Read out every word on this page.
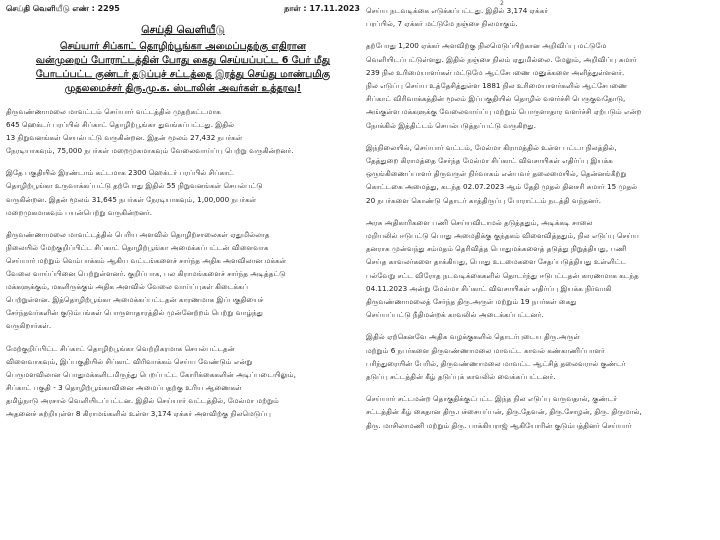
செய்தி வெளியீடு எண் : 2295	நாள் : 17.11.2023
செய்தி வெளியீடு
செய்யார் சிப்காட் தொழிற்பூங்கா அமைப்பதற்கு எதிரான
வன்முறைப் போராட்டத்தின் போது கைது செய்யப்பட்ட 6 பேர் மீது
போடப்பட்ட குண்டர் தடுப்புச் சட்டத்தை இரத்து செய்து மாண்புமிகு
முதலமைச்சர் திரு.மு.க. ஸ்டாலின் அவர்கள் உத்தரவு!
திருவண்ணாமலை மாவட்டம் செய்யார் வட்டத்தில் முதற்கட்டமாக
645 ஹெக்டர் பரப்பில் சிப்காட் தொழிற்பூங்கா துவங்கப்பட்டது. இதில்
13 நிறுவனங்கள் செயல்பட்டு வருகின்றன. இதன் மூலம் 27,432 நபர்கள்
நேரடியாகவும், 75,000 நபர்கள் மறைமுகமாகவும் வேலைவாய்ப்பு பெற்று வருகின்றனர்.
இதே பகுதியில் இரண்டாம் கட்டமாக 2300 ஹெக்டர் பரப்பில் சிப்காட்
தொழிற்பூங்கா உருவாக்கப்பட்டு தற்போது இதில் 55 நிறுவனங்கள் செயல்பட்டு
வருகின்றன. இதன் மூலம் 31,645 நபர்கள் நேரடியாகவும், 1,00,000 நபர்கள்
மறைமுகமாகவும் பயன்பெற்று வருகின்றனர்.
திருவண்ணாமலை மாவட்டத்தில் பெரிய அளவில் தொழிற்சாலைகள் ஏதுமில்லாத
நிலையில் மேற்குறிப்பிட்ட சிப்காட் தொழிற்பூங்கா அமைக்கப்பட்டன் விளைவாக
செய்யார் மற்றும் வெம்பாக்கம் ஆகிய வட்டங்களைச் சார்ந்த அதிக அளவிலான மக்கள்
வேலை வாய்ப்பினை பெற்றுள்ளனர். குறிப்பாக, பல கிராமங்களைச் சார்ந்த அடித்தட்டு
மக்களுக்கும், மகளிருக்கும் அதிக அளவில் வேலை வாய்ப்புகள் கிடைக்கப்
பெற்றுள்ளன. இத்தொழிற்பூங்கா அமைக்கப்பட்டதன் காரணமாக இப்பகுதியைச்
சேர்ந்தவர்களின் குடும்பங்கள் பொருளாதாரத்தில் முன்னேற்றம் பெற்று வாழ்ந்து
வருகிறார்கள்.
மேற்குறிப்பிட்ட சிப்காட் தொழிற்பூங்கா வெற்றிகரமாக செயல்பட்டதன்
விளைவாகவும், இப்பகுதியில் சிப்காட் விரிவாக்கம் செய்ய வேண்டும் என்று
பெருமளவிலான பொதுமக்களிடமிருந்து பெறப்பட்ட கோரிக்கைகளின் அடிப்படையிலும்,
சிப்காட் பகுதி - 3 தொழிற்பூங்காவினை அமைப்பதற்கு உரிய ஆணைகள்
தமிழ்நாடு அரசால் வெளியிடப்பட்டன. இதில் செய்யார் வட்டத்தில், மேல்மா மற்றும்
அதனைச் சுற்றியுள்ள 8 கிராமங்களில் உள்ள 3,174 ஏக்கர் அளவிற்கு நிலமெடுப்பு
2
செய்ய நடவடிக்கை எடுக்கப்பட்டது. இதில் 3,174 ஏக்கர்
பரப்பில், 7 ஏக்கர் மட்டுமே நஞ்சை நிலமாகும்.
தற்போது 1,200 ஏக்கர் அளவிற்கு நிலமெடுப்பிற்கான அறிவிப்பு மட்டுமே
வெளியிடப்பட்டுள்ளது. இதில் நஞ்சை நிலம் ஏதுமில்லை. மேலும், அறிவிப்பு சுமார்
239 நில உரிமையாளர்கள் மட்டுமே ஆட்சேபணை மனுக்களை அளித்துள்ளனர்.
நில எடுப்பு செய்ய உத்தேசித்துள்ள 1881 நில உரிமையாளர்களில் ஆட்சேபணை
சிப்காட் விரிவாக்கத்தின் மூலம் இப்பகுதியில் தொழில் வளர்ச்சி பெருகுவதோடு,
அங்குள்ள மக்களுக்கு வேலைவாய்ப்பு மற்றும் பொருளாதார வளர்ச்சி ஏற்படும் என்ற
நோக்கில் இத்திட்டம் செயல்படுத்தப்பட்டு வருகிறது.
இந்நிலையில், செய்யார் வட்டம், மேல்மா கிராமத்தில் உள்ள பட்டா நிலத்தில்,
தேத்துறை கிராமத்தை சேர்ந்த மேல்மா சிப்காட் விவசாயிகள் எதிர்ப்பு இயக்க
ஒருங்கிணைப்பாளர் திருவருள் நிர்வாகம் என்பவர் தலைமையில், தென்னங்கீற்று
கொட்டகை அமைத்து, கடந்த 02.07.2023 ஆம் தேதி முதல் தினசரி சுமார் 15 முதல்
20 நபர்களை கொண்டு தொடர் காத்திருப்பு போராட்டம் நடத்தி வந்தனர்.
அரசு அதிகாரிகளை பணி செய்யவிடாமல் தடுத்ததும், அடிக்கடி சாலை
மறியலில் ஈடுபட்டு பொது அமைதிக்கு குந்தகம் விளைவித்ததும், நில எடுப்பு செய்ய
தனராக முன்வந்து சம்மதம் தெரிவித்த பொதுமக்களைத் தடுத்து நிறுத்தியது, பணி
செய்த காவலர்களை தாக்கியது, பொது உடமைகளை சேதப்படுத்தியது உள்ளிட்ட
பல்வேறு சட்ட விரோத நடவடிக்கைகளில் தொடர்ந்து ஈடுபட்டதன் காரணமாக கடந்த
04.11.2023 அன்று மேல்மா சிப்காட் விவசாயிகள் எதிர்ப்பு இயக்க நிர்வாகி
திருவண்ணாமலைத் சேர்ந்த திரு.அருள் மற்றும் 19 நபர்கள் கைது
செய்யப்பட்டு நீதிமன்றக் காவலில் அடைக்கப்பட்டனர்.
இதில் ஏற்கெனவே அதிக வழக்குகளில் தொடர்புடைய திரு.அருள்
மற்றும் 6 நபர்களை திருவண்ணாமலை மாவட்ட காவல் கண்காணிப்பாளர்
பரிந்துரையின் பேரில், திருவண்ணாமலை மாவட்ட ஆட்சித் தலைவரால் குண்டர்
தடுப்பு சட்டத்தின் கீழ் தடுப்புக் காவலில் வைக்கப்பட்டனர்.
செய்யார் சட்டமன்ற தொகுதிக்குட்பட்ட இந்த நில எடுப்பு வருவதால், குண்டர்
சட்டத்தின் கீழ் கைதான திரு.பச்சையப்பன், திரு.தேவன், திரு.சோழன், திரு. திருமால்,
திரு. மாசிலாமணி மற்றும் திரு. பாக்கியராஜ் ஆகியோரின் குடும்பத்தினர் செய்யார்
